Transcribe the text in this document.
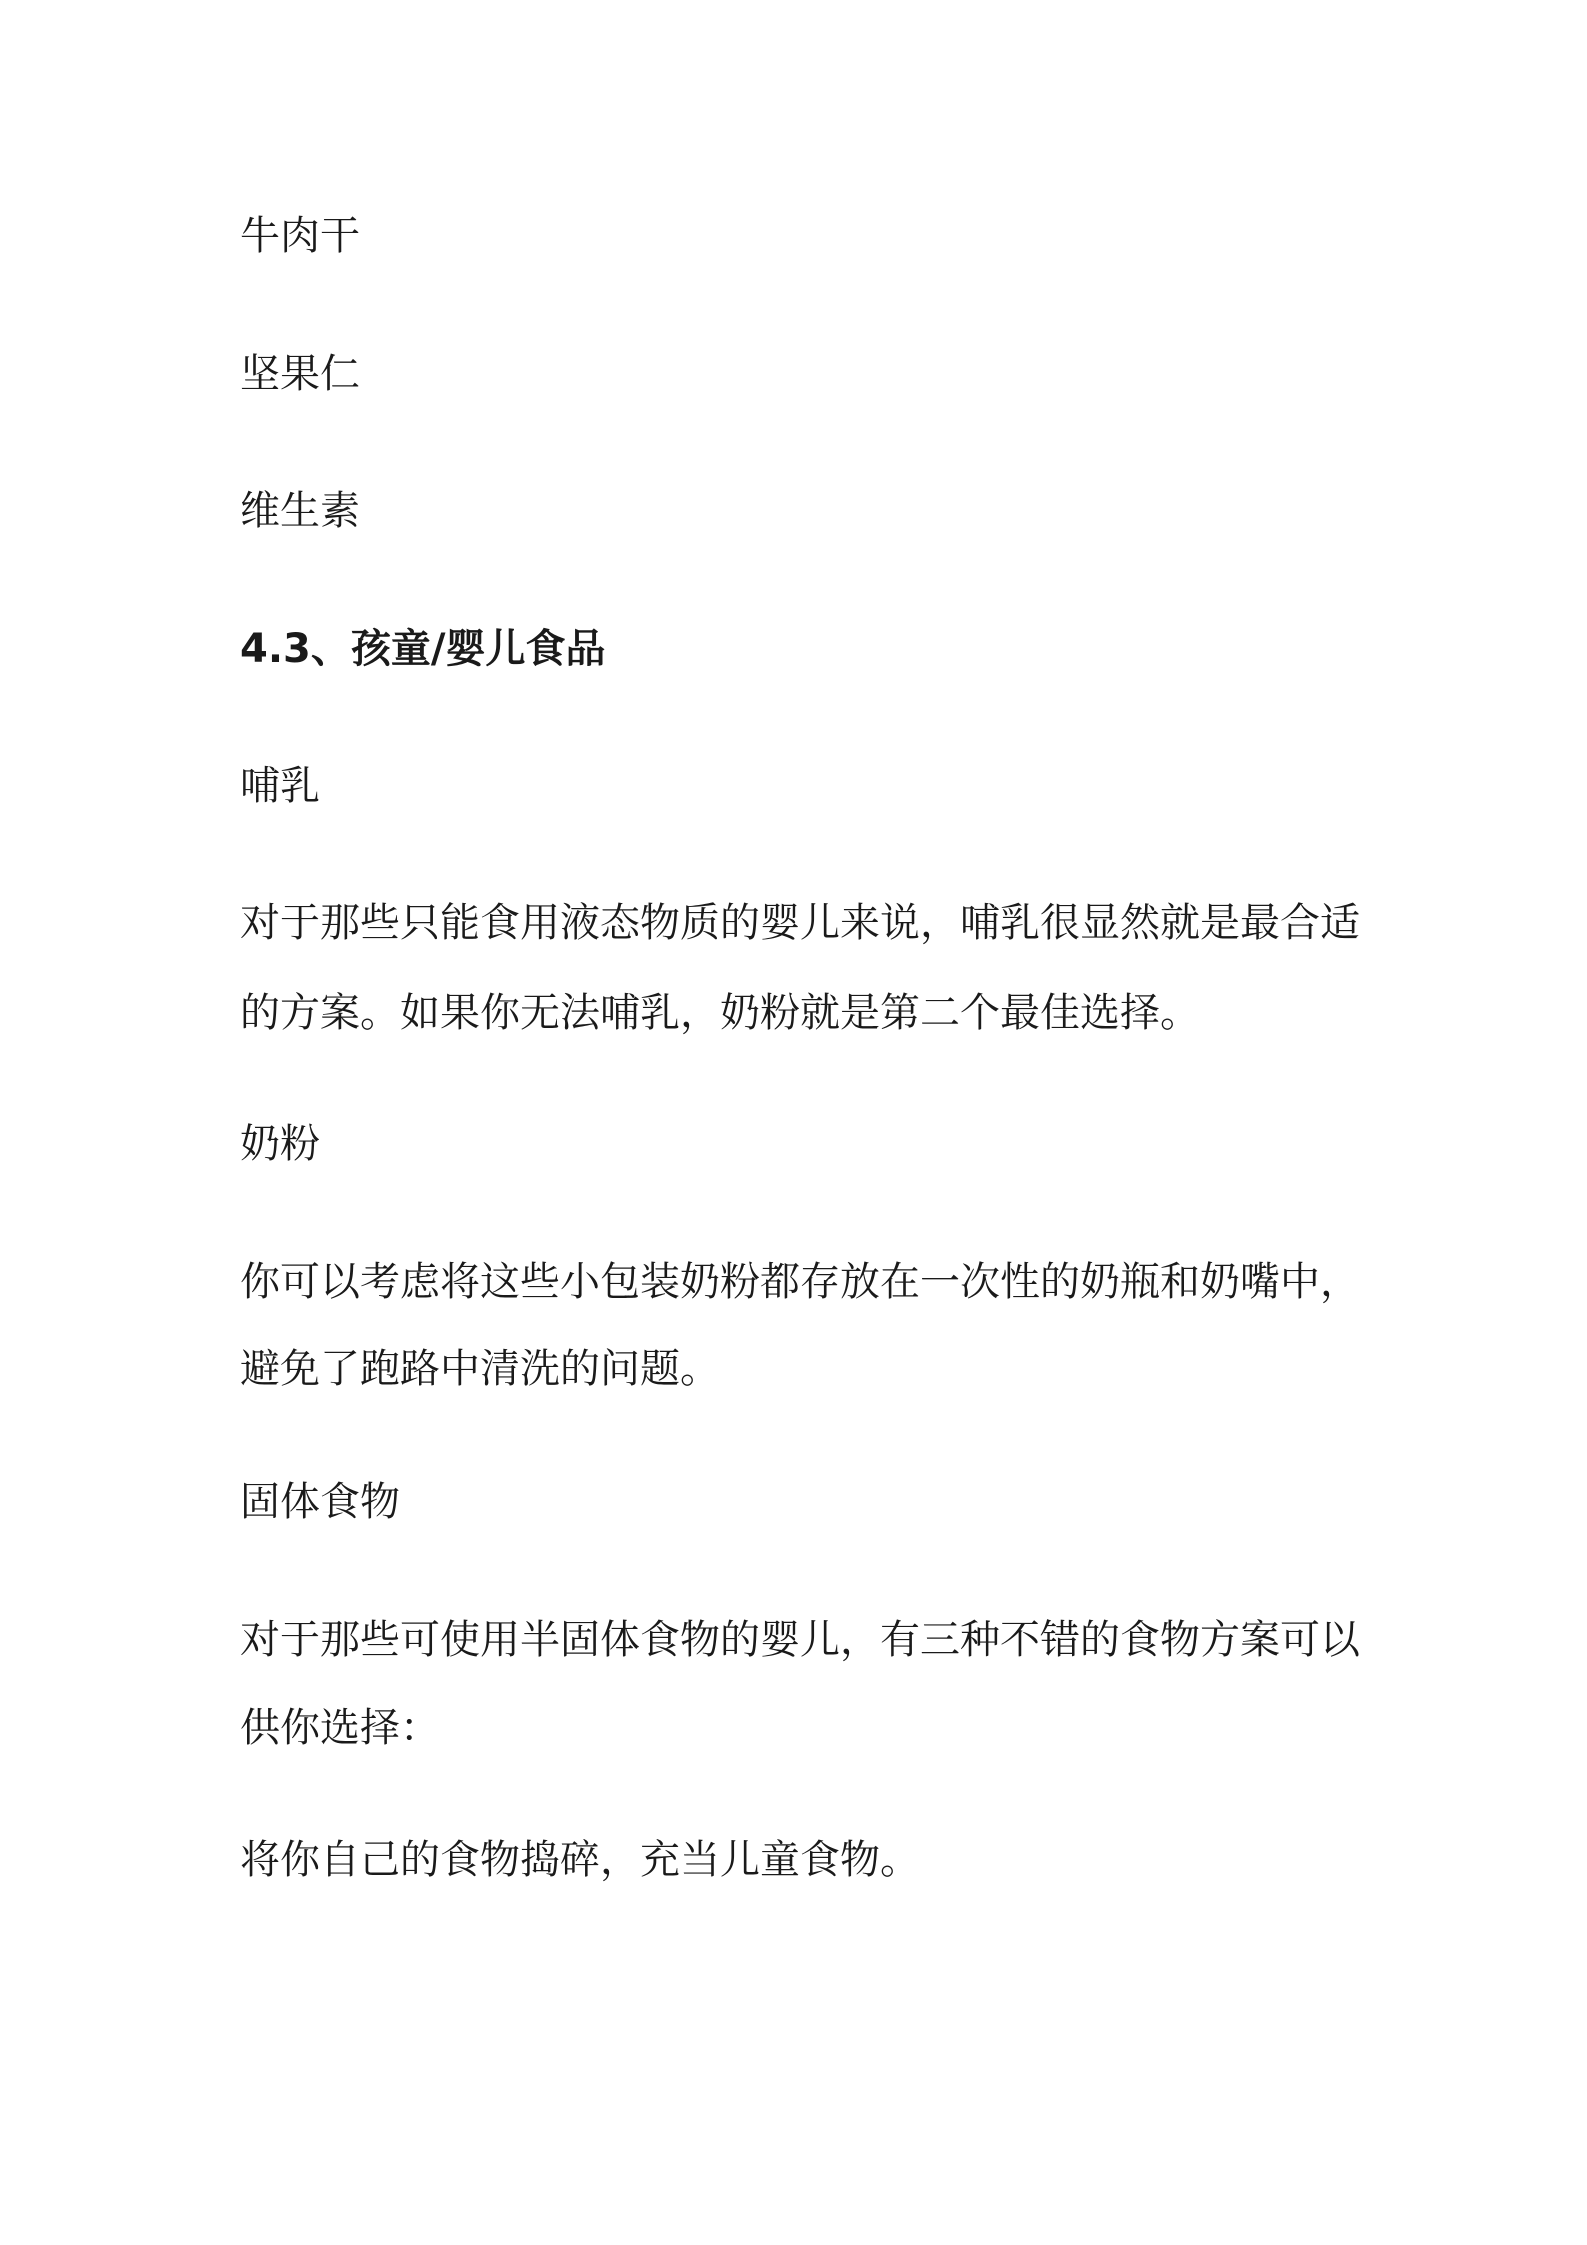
牛肉干
坚果仁
维生素
4.3、孩童/婴儿食品
哺乳
对于那些只能食用液态物质的婴儿来说，哺乳很显然就是最合适
的方案。如果你无法哺乳，奶粉就是第二个最佳选择。
奶粉
你可以考虑将这些小包装奶粉都存放在一次性的奶瓶和奶嘴中，
避免了跑路中清洗的问题。
固体食物
对于那些可使用半固体食物的婴儿，有三种不错的食物方案可以
供你选择：
将你自己的食物捣碎，充当儿童食物。
